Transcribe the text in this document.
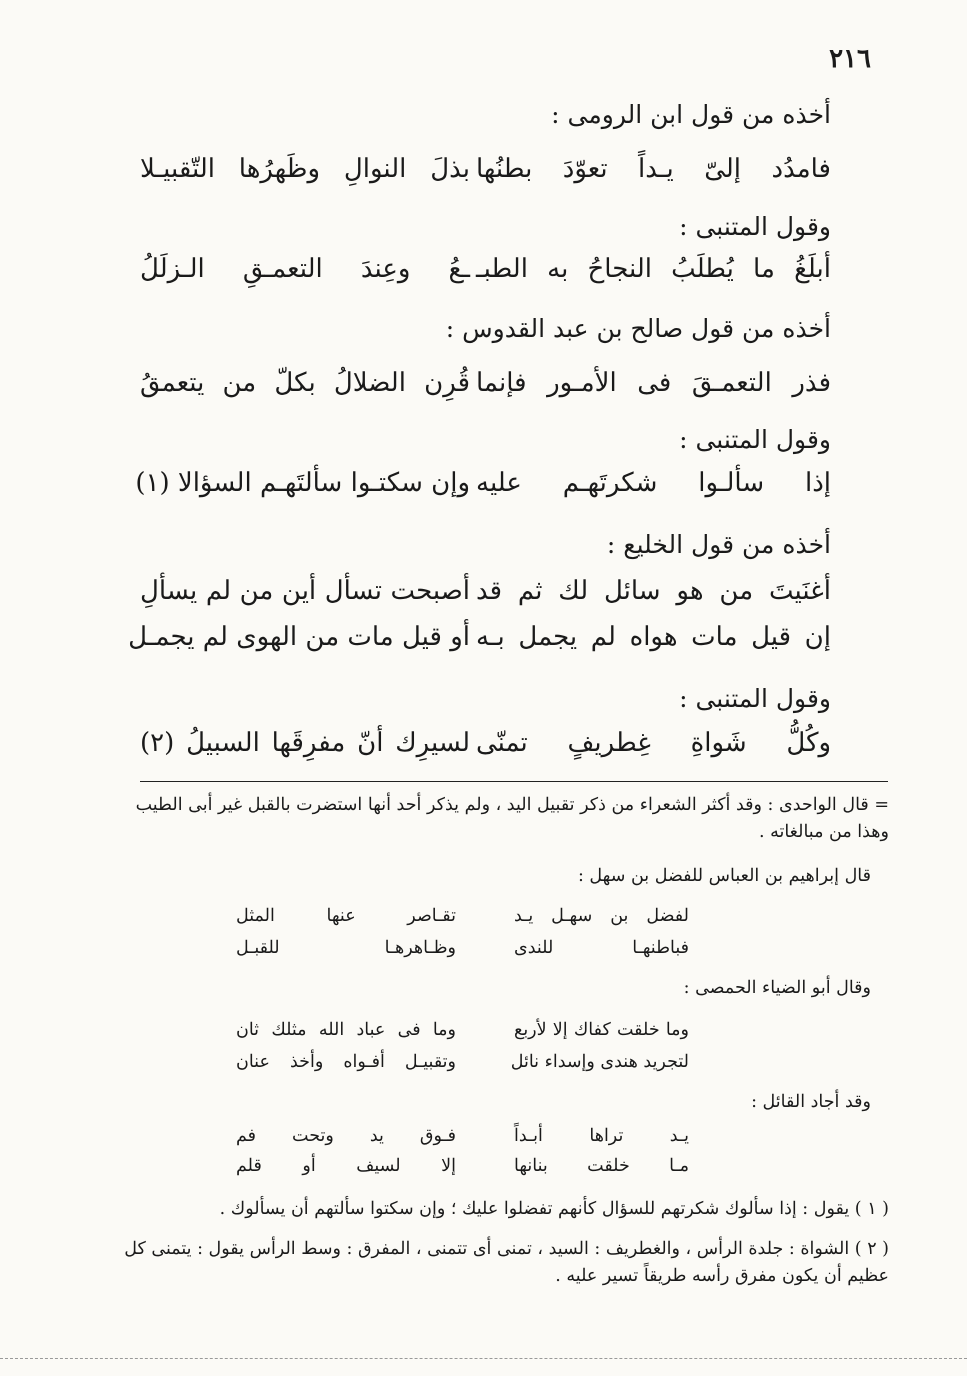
٢١٦
أخذه من قول ابن الرومى :
فامدُد إلىّ يـداً تعوّدَ بطنُها
بذلَ النوالِ وظَهرُها التّقبيـلا
وقول المتنبى :
أبلَغُ ما يُطلَبُ النجاحُ به الطبـ
ـعُ وعِندَ التعمـقِ الـزلَلُ
أخذه من قول صالح بن عبد القدوس :
فذر التعمـقَ فى الأمـور فإنما
قُرِن الضلالُ بكلّ من يتعمقُ
وقول المتنبى :
إذا سألـوا شكرتَهـم عليه
وإن سكتـوا سألتَهـم السؤالا (١)
أخذه من قول الخليع :
أغنَيتَ من هو سائل لك ثم قد
أصبحت تسأل أين من لم يسألِ
إن قيل مات هواه لم يجمل بـه
أو قيل مات من الهوى لم يجمـل
وقول المتنبى :
وكُلُّ شَواةِ غِطريفٍ تمنّى
لسيرِك أنّ مفرِقَها السبيلُ (٢)
= قال الواحدى : وقد أكثر الشعراء من ذكر تقبيل اليد ، ولم يذكر أحد أنها استضرت بالقبل غير أبى الطيب وهذا من مبالغاته .
قال إبراهيم بن العباس للفضل بن سهل :
لفضل بن سهـل يـد
تقـاصر عنها المثل
فباطنهـا للندى
وظـاهرهـا للقبـل
وقال أبو الضياء الحمصى :
وما خلقت كفاك إلا لأربع
وما فى عباد الله مثلك ثان
لتجريد هندى وإسداء نائل
وتقبيـل أفـواه وأخذ عنان
وقد أجاد القائل :
يـد تراها أبـداً
فـوق يد وتحت فم
مـا خلقت بنانها
إلا لسيف أو قلم
( ١ ) يقول : إذا سألوك شكرتهم للسؤال كأنهم تفضلوا عليك ؛ وإن سكتوا سألتهم أن يسألوك .
( ٢ ) الشواة : جلدة الرأس ، والغطريف : السيد ، تمنى أى تتمنى ، المفرق : وسط الرأس يقول : يتمنى كل عظيم أن يكون مفرق رأسه طريقاً تسير عليه .
